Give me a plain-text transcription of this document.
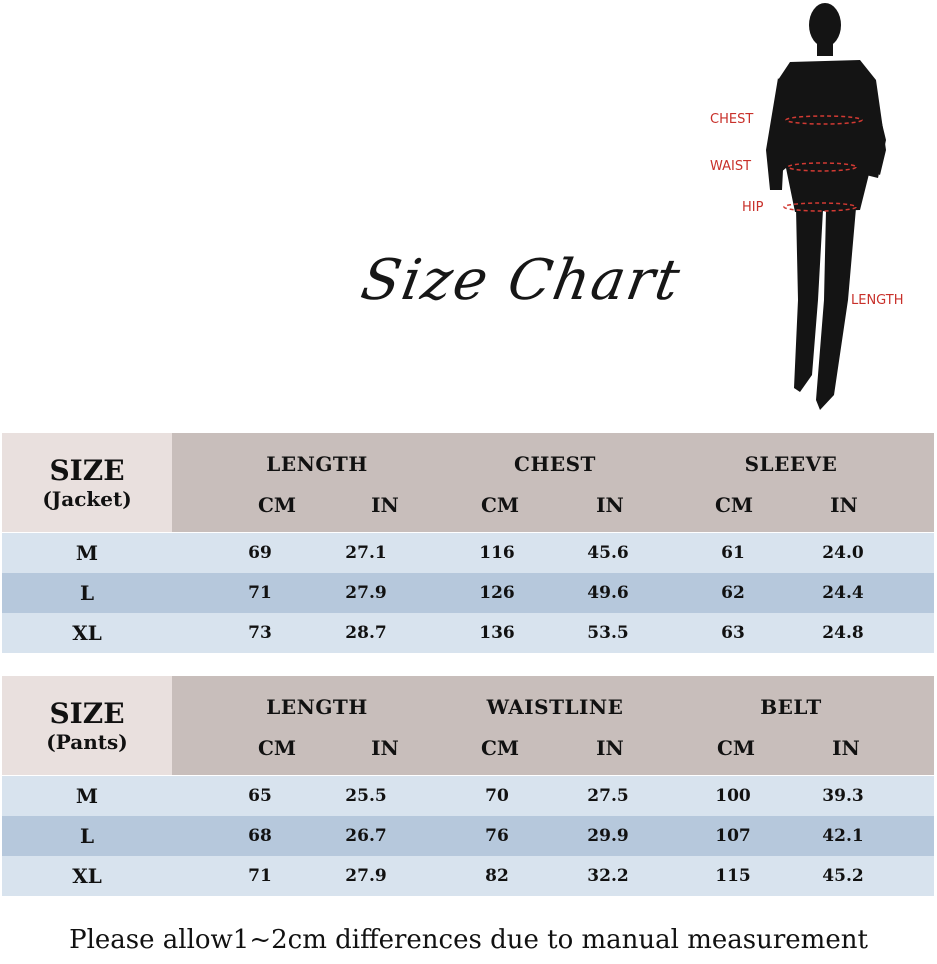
Size Chart
CHEST
WAIST
HIP
LENGTH
SIZE
(Jacket)
LENGTH
CM	IN
CHEST
CM	IN
SLEEVE
CM	IN
M	69	27.1	116	45.6	61	24.0
L	71	27.9	126	49.6	62	24.4
XL	73	28.7	136	53.5	63	24.8
SIZE
(Pants)
LENGTH
CM	IN
WAISTLINE
CM	IN
BELT
CM	IN
M	65	25.5	70	27.5	100	39.3
L	68	26.7	76	29.9	107	42.1
XL	71	27.9	82	32.2	115	45.2
Please allow1~2cm differences due to manual measurement
